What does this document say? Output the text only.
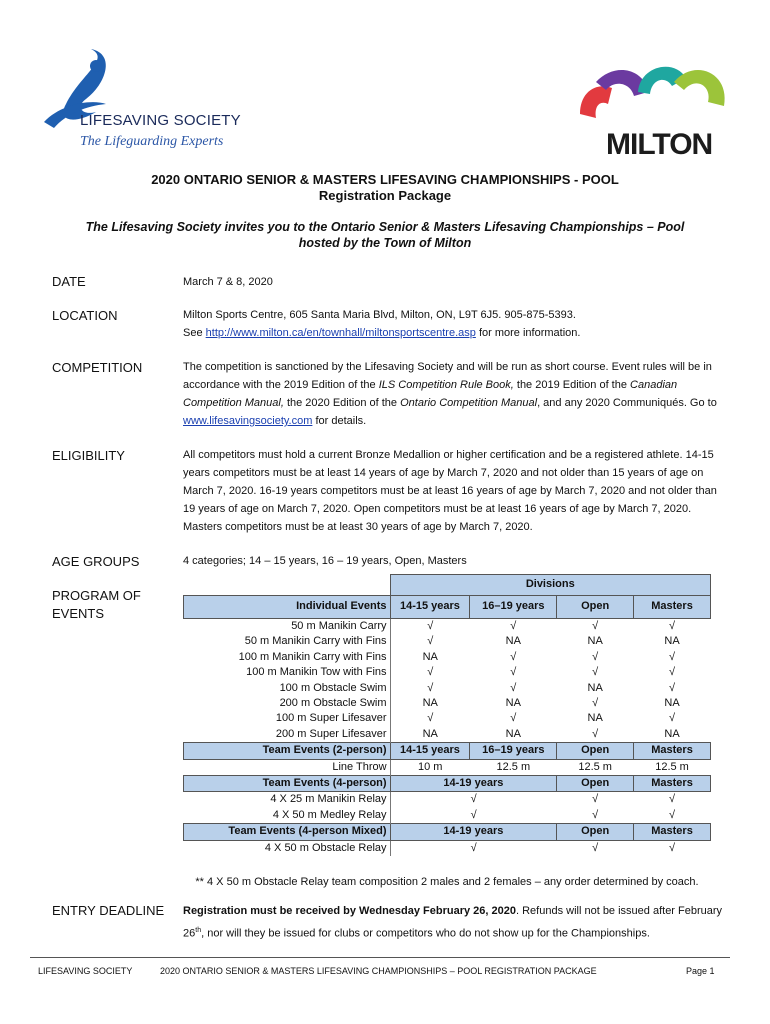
LIFESAVING SOCIETY
The Lifeguarding Experts	MILTON
2020 ONTARIO SENIOR & MASTERS LIFESAVING CHAMPIONSHIPS - POOL
Registration Package
The Lifesaving Society invites you to the Ontario Senior & Masters Lifesaving Championships – Pool
hosted by the Town of Milton
DATE	March 7 & 8, 2020
LOCATION	Milton Sports Centre, 605 Santa Maria Blvd, Milton, ON, L9T 6J5. 905-875-5393.
See http://www.milton.ca/en/townhall/miltonsportscentre.asp for more information.
COMPETITION	The competition is sanctioned by the Lifesaving Society and will be run as short course. Event rules will be in accordance with the 2019 Edition of the ILS Competition Rule Book, the 2019 Edition of the Canadian Competition Manual, the 2020 Edition of the Ontario Competition Manual, and any 2020 Communiqués. Go to www.lifesavingsociety.com for details.
ELIGIBILITY	All competitors must hold a current Bronze Medallion or higher certification and be a registered athlete. 14-15 years competitors must be at least 14 years of age by March 7, 2020 and not older than 15 years of age on March 7, 2020. 16-19 years competitors must be at least 16 years of age by March 7, 2020 and not older than 19 years of age on March 7, 2020. Open competitors must be at least 16 years of age by March 7, 2020. Masters competitors must be at least 30 years of age by March 7, 2020.
AGE GROUPS	4 categories; 14 – 15 years, 16 – 19 years, Open, Masters
PROGRAM OF
EVENTS
	Divisions			
Individual Events	14-15 years	16–19 years	Open	Masters
50 m Manikin Carry	√	√	√	√
50 m Manikin Carry with Fins	√	NA	NA	NA
100 m Manikin Carry with Fins	NA	√	√	√
100 m Manikin Tow with Fins	√	√	√	√
100 m Obstacle Swim	√	√	NA	√
200 m Obstacle Swim	NA	NA	√	NA
100 m Super Lifesaver	√	√	NA	√
200 m Super Lifesaver	NA	NA	√	NA
Team Events (2-person)	14-15 years	16–19 years	Open	Masters
Line Throw	10 m	12.5 m	12.5 m	12.5 m
Team Events (4-person)	14-19 years		Open	Masters
4 X 25 m Manikin Relay	√		√	√
4 X 50 m Medley Relay	√		√	√
Team Events (4-person Mixed)	14-19 years		Open	Masters
4 X 50 m Obstacle Relay	√		√	√
** 4 X 50 m Obstacle Relay team composition 2 males and 2 females – any order determined by coach.
ENTRY DEADLINE Registration must be received by Wednesday February 26, 2020. Refunds will not be issued after February 26th, nor will they be issued for clubs or competitors who do not show up for the Championships.
LIFESAVING SOCIETY	2020 ONTARIO SENIOR & MASTERS LIFESAVING CHAMPIONSHIPS – POOL REGISTRATION PACKAGE	Page 1
